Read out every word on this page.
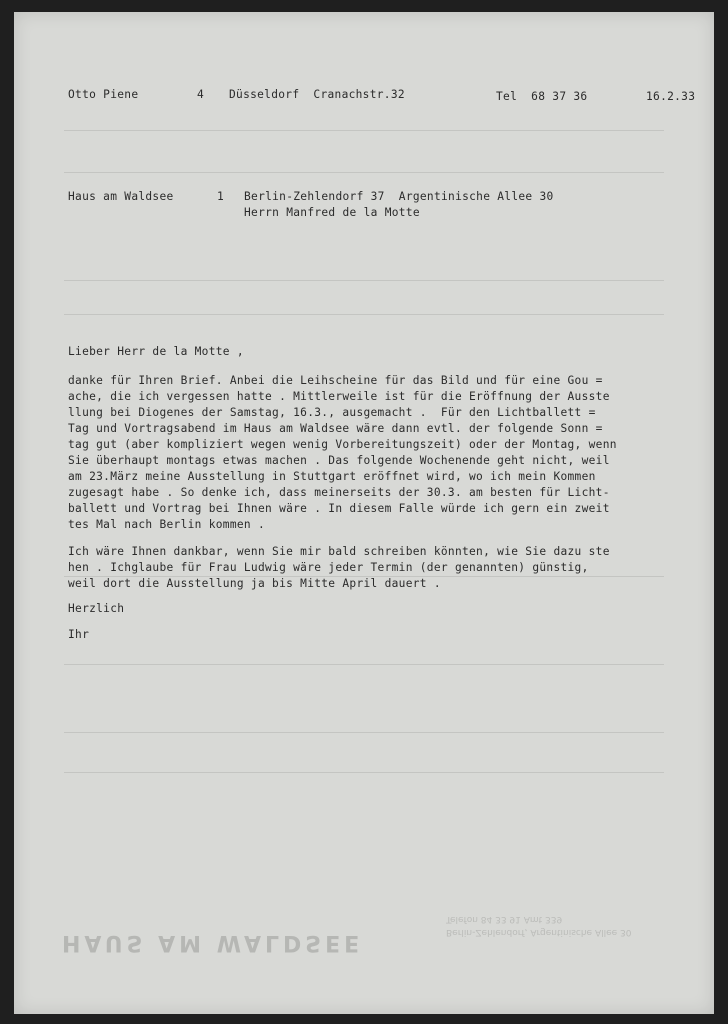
Otto Piene	4 Düsseldorf  Cranachstr.32	Tel  68 37 36	16.2.33
Haus am Waldsee	1 Berlin-Zehlendorf 37  Argentinische Allee 30
Herrn Manfred de la Motte
Lieber Herr de la Motte ,
danke für Ihren Brief. Anbei die Leihscheine für das Bild und für eine Gou =
ache, die ich vergessen hatte . Mittlerweile ist für die Eröffnung der Ausste
llung bei Diogenes der Samstag, 16.3., ausgemacht .  Für den Lichtballett =
Tag und Vortragsabend im Haus am Waldsee wäre dann evtl. der folgende Sonn =
tag gut (aber kompliziert wegen wenig Vorbereitungszeit) oder der Montag, wenn
Sie überhaupt montags etwas machen . Das folgende Wochenende geht nicht, weil
am 23.März meine Ausstellung in Stuttgart eröffnet wird, wo ich mein Kommen
zugesagt habe . So denke ich, dass meinerseits der 30.3. am besten für Licht-
ballett und Vortrag bei Ihnen wäre . In diesem Falle würde ich gern ein zweit
tes Mal nach Berlin kommen .
Ich wäre Ihnen dankbar, wenn Sie mir bald schreiben könnten, wie Sie dazu ste
hen . Ichglaube für Frau Ludwig wäre jeder Termin (der genannten) günstig,
weil dort die Ausstellung ja bis Mitte April dauert .
Herzlich
Ihr
HAUS AM WALDSEE	Berlin-Zehlendorf, Argentinische Allee 30
Telefon 84 33 91 Amt 339
